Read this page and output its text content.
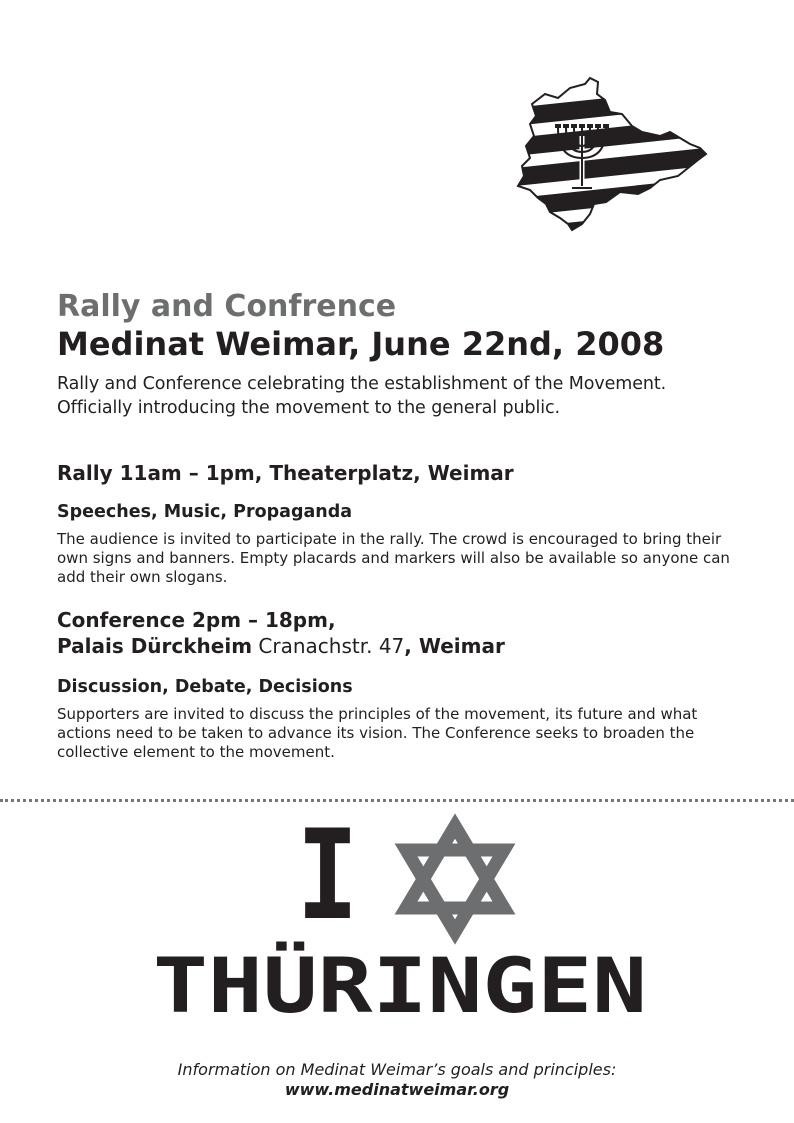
Rally and Confrence
Medinat Weimar, June 22nd, 2008

Rally and Conference celebrating the establishment of the Movement.
Officially introducing the movement to the general public.

Rally 11am – 1pm, Theaterplatz, Weimar
Speeches, Music, Propaganda

The audience is invited to participate in the rally. The crowd is encouraged to bring their own signs and banners. Empty placards and markers will also be available so anyone can add their own slogans.

Conference 2pm – 18pm,
Palais Dürckheim Cranachstr. 47, Weimar
Discussion, Debate, Decisions

Supporters are invited to discuss the principles of the movement, its future and what actions need to be taken to advance its vision. The Conference seeks to broaden the collective element to the movement.

I
THÜRINGEN
Information on Medinat Weimar’s goals and principles:
www.medinatweimar.org
